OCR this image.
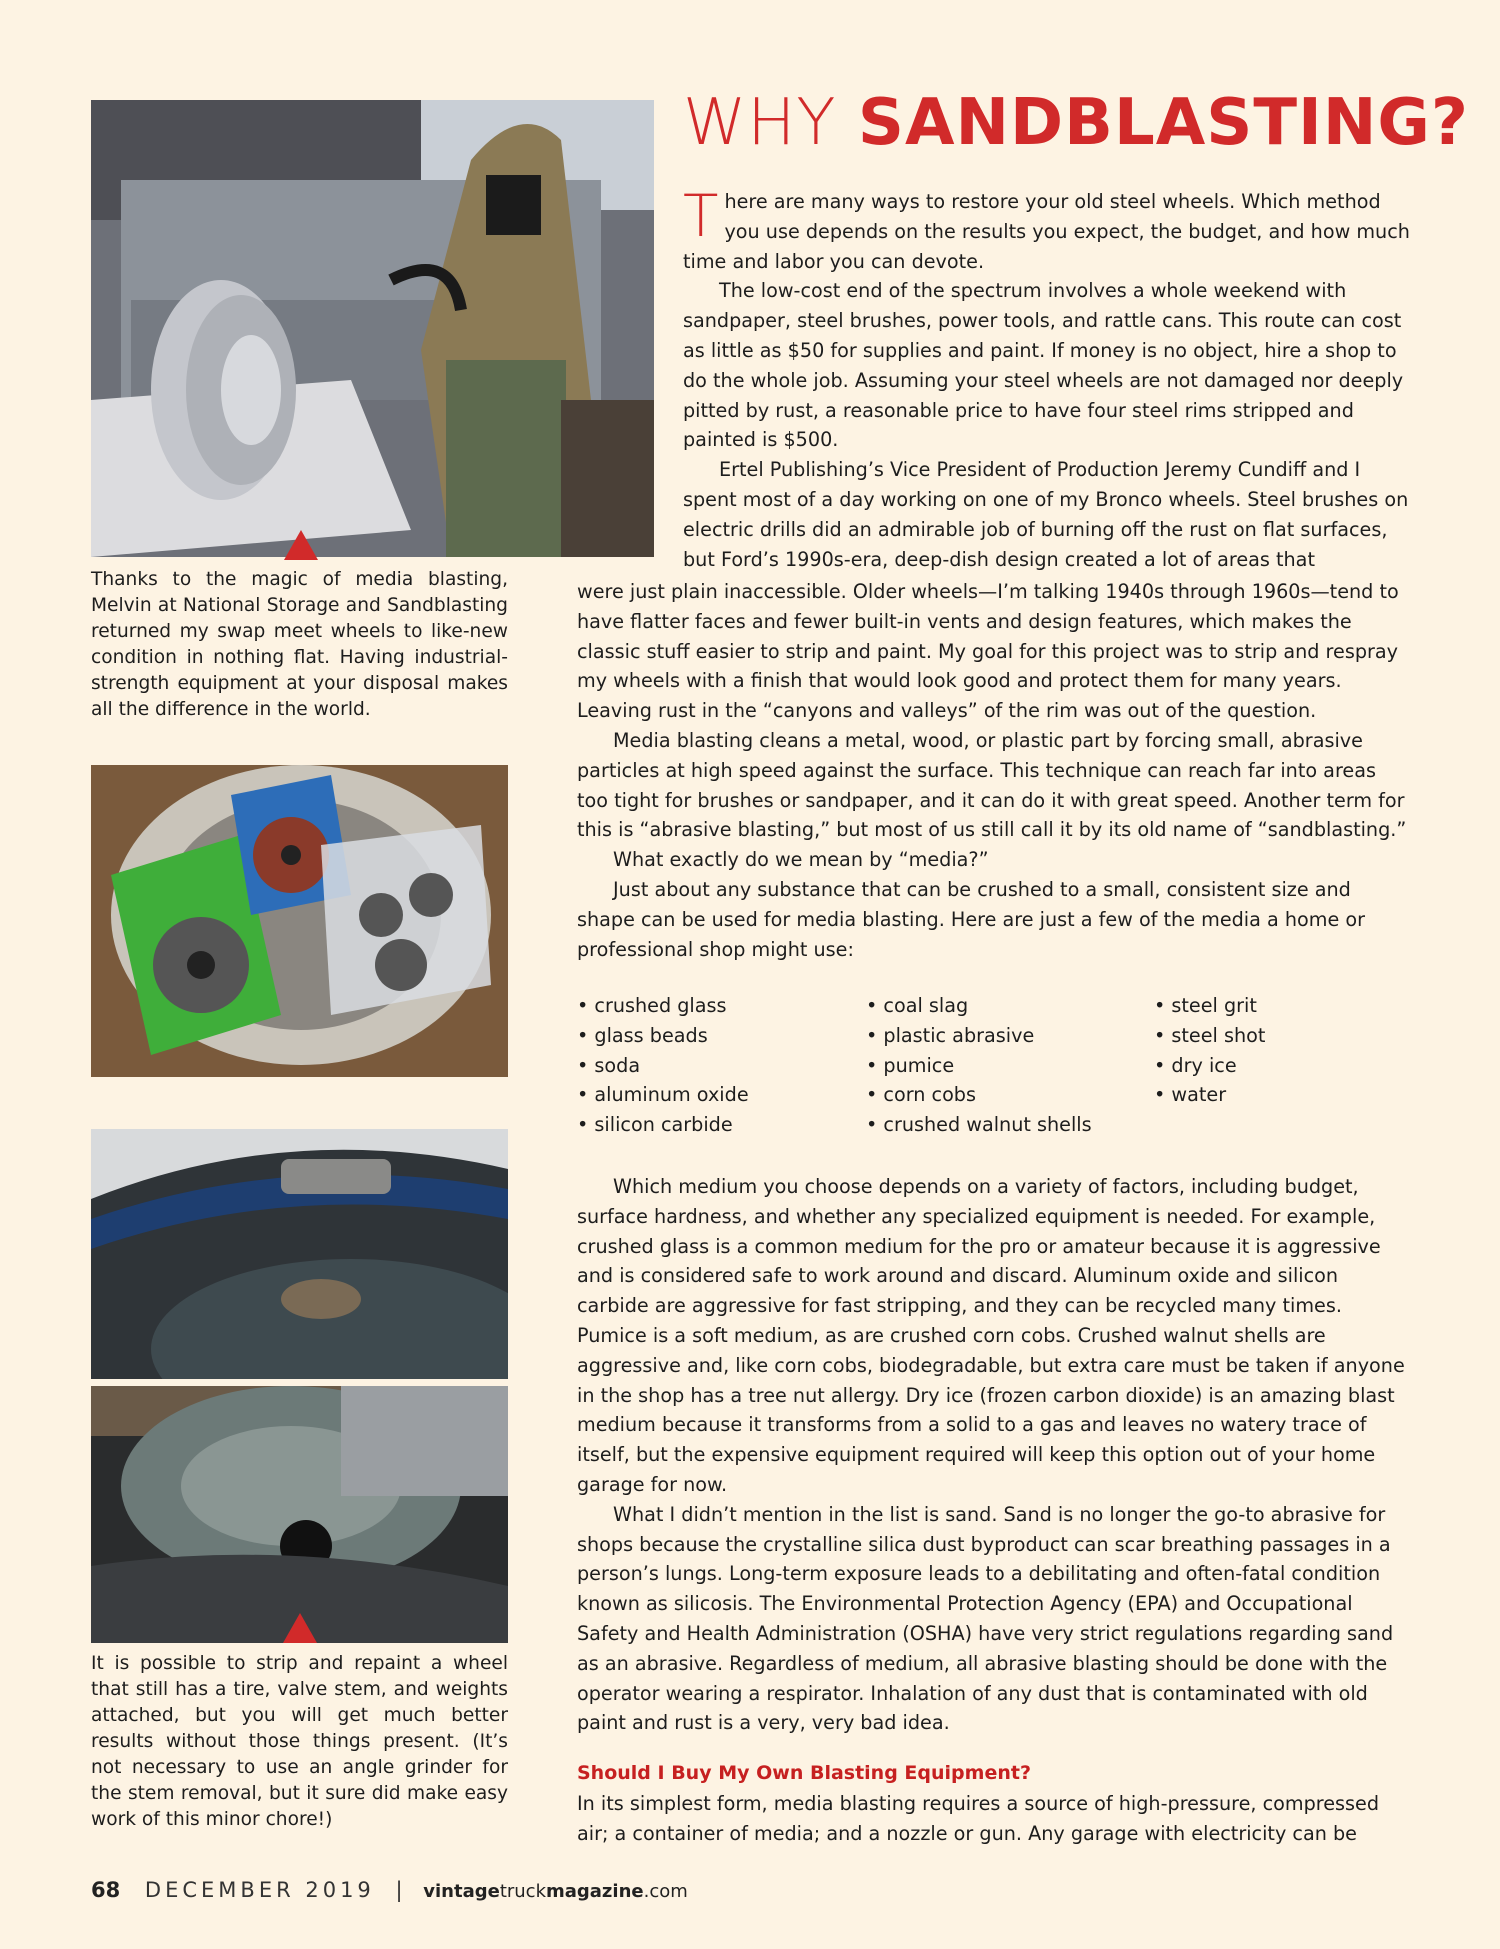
Thanks to the magic of media blasting, Melvin at National Storage and Sandblasting returned my swap meet wheels to like-new condition in nothing flat. Having industrial-strength equipment at your disposal makes all the difference in the world.
It is possible to strip and repaint a wheel that still has a tire, valve stem, and weights attached, but you will get much better results without those things present. (It’s not necessary to use an angle grinder for the stem removal, but it sure did make easy work of this minor chore!)
WHY SANDBLASTING?

There are many ways to restore your old steel wheels. Which method you use depends on the results you expect, the budget, and how much time and labor you can devote.

The low-cost end of the spectrum involves a whole weekend with sandpaper, steel brushes, power tools, and rattle cans. This route can cost as little as $50 for supplies and paint. If money is no object, hire a shop to do the whole job. Assuming your steel wheels are not damaged nor deeply pitted by rust, a reasonable price to have four steel rims stripped and painted is $500.

Ertel Publishing’s Vice President of Production Jeremy Cundiff and I spent most of a day working on one of my Bronco wheels. Steel brushes on electric drills did an admirable job of burning off the rust on flat surfaces, but Ford’s 1990s-era, deep-dish design created a lot of areas that

were just plain inaccessible. Older wheels—I’m talking 1940s through 1960s—tend to have flatter faces and fewer built-in vents and design features, which makes the classic stuff easier to strip and paint. My goal for this project was to strip and respray my wheels with a finish that would look good and protect them for many years. Leaving rust in the “canyons and valleys” of the rim was out of the question.

Media blasting cleans a metal, wood, or plastic part by forcing small, abrasive particles at high speed against the surface. This technique can reach far into areas too tight for brushes or sandpaper, and it can do it with great speed. Another term for this is “abrasive blasting,” but most of us still call it by its old name of “sandblasting.”

What exactly do we mean by “media?”

Just about any substance that can be crushed to a small, consistent size and shape can be used for media blasting. Here are just a few of the media a home or professional shop might use:

• crushed glass
• glass beads
• soda
• aluminum oxide
• silicon carbide
• coal slag
• plastic abrasive
• pumice
• corn cobs
• crushed walnut shells
• steel grit
• steel shot
• dry ice
• water

Which medium you choose depends on a variety of factors, including budget, surface hardness, and whether any specialized equipment is needed. For example, crushed glass is a common medium for the pro or amateur because it is aggressive and is considered safe to work around and discard. Aluminum oxide and silicon carbide are aggressive for fast stripping, and they can be recycled many times. Pumice is a soft medium, as are crushed corn cobs. Crushed walnut shells are aggressive and, like corn cobs, biodegradable, but extra care must be taken if anyone in the shop has a tree nut allergy. Dry ice (frozen carbon dioxide) is an amazing blast medium because it transforms from a solid to a gas and leaves no watery trace of itself, but the expensive equipment required will keep this option out of your home garage for now.

What I didn’t mention in the list is sand. Sand is no longer the go-to abrasive for shops because the crystalline silica dust byproduct can scar breathing passages in a person’s lungs. Long-term exposure leads to a debilitating and often-fatal condition known as silicosis. The Environmental Protection Agency (EPA) and Occupational Safety and Health Administration (OSHA) have very strict regulations regarding sand as an abrasive. Regardless of medium, all abrasive blasting should be done with the operator wearing a respirator. Inhalation of any dust that is contaminated with old paint and rust is a very, very bad idea.

Should I Buy My Own Blasting Equipment?

In its simplest form, media blasting requires a source of high-pressure, compressed air; a container of media; and a nozzle or gun. Any garage with electricity can be

68 DECEMBER 2019 | vintagetruckmagazine.com
